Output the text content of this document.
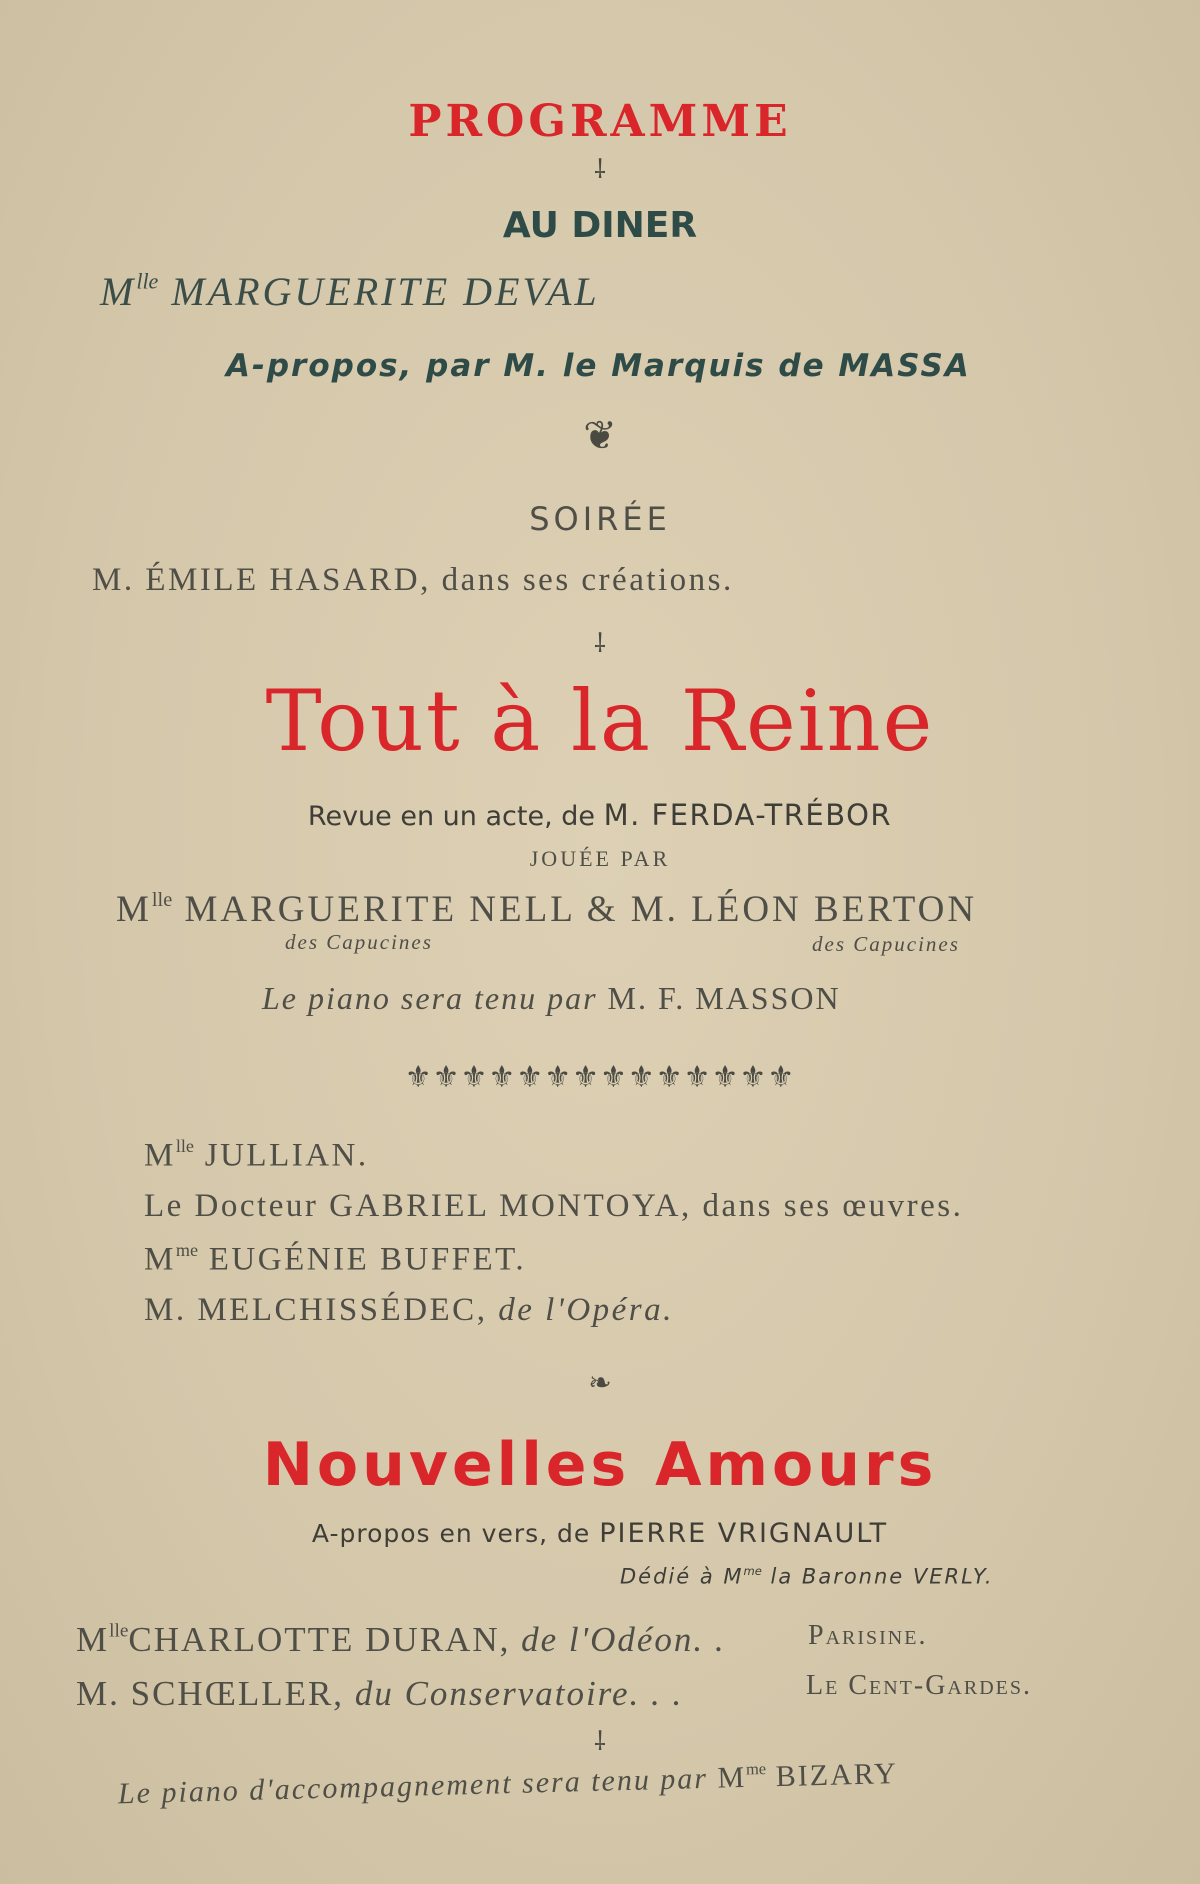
PROGRAMME
⸸
AU DINER
$M^{lle}$ MARGUERITE DEVAL
A-propos, par M. le Marquis de MASSA
❦
SOIRÉE
M. ÉMILE HASARD, dans ses créations.
⸸
Tout à la Reine
Revue en un acte, de M. FERDA-TRÉBOR
JOUÉE PAR
$M^{lle}$ MARGUERITE NELL & M. LÉON BERTON
des Capucines	des Capucines
Le piano sera tenu par M. F. MASSON
⚜⚜⚜⚜⚜⚜⚜⚜⚜⚜⚜⚜⚜⚜
$M^{lle}$ JULLIAN.
Le Docteur GABRIEL MONTOYA, dans ses œuvres.
$M^{me}$ EUGÉNIE BUFFET.
M. MELCHISSÉDEC, de l'Opéra.
❧
Nouvelles Amours
A-propos en vers, de PIERRE VRIGNAULT
Dédié à $M^{me}$ la Baronne VERLY.
$M^{lle}CHARLOTTE$ DURAN, de l'Odéon. .	Parisine.
M. SCHŒLLER, du Conservatoire. . .	Le Cent-Gardes.
⸸
Le piano d'accompagnement sera tenu par $M^{me}$ BIZARY
